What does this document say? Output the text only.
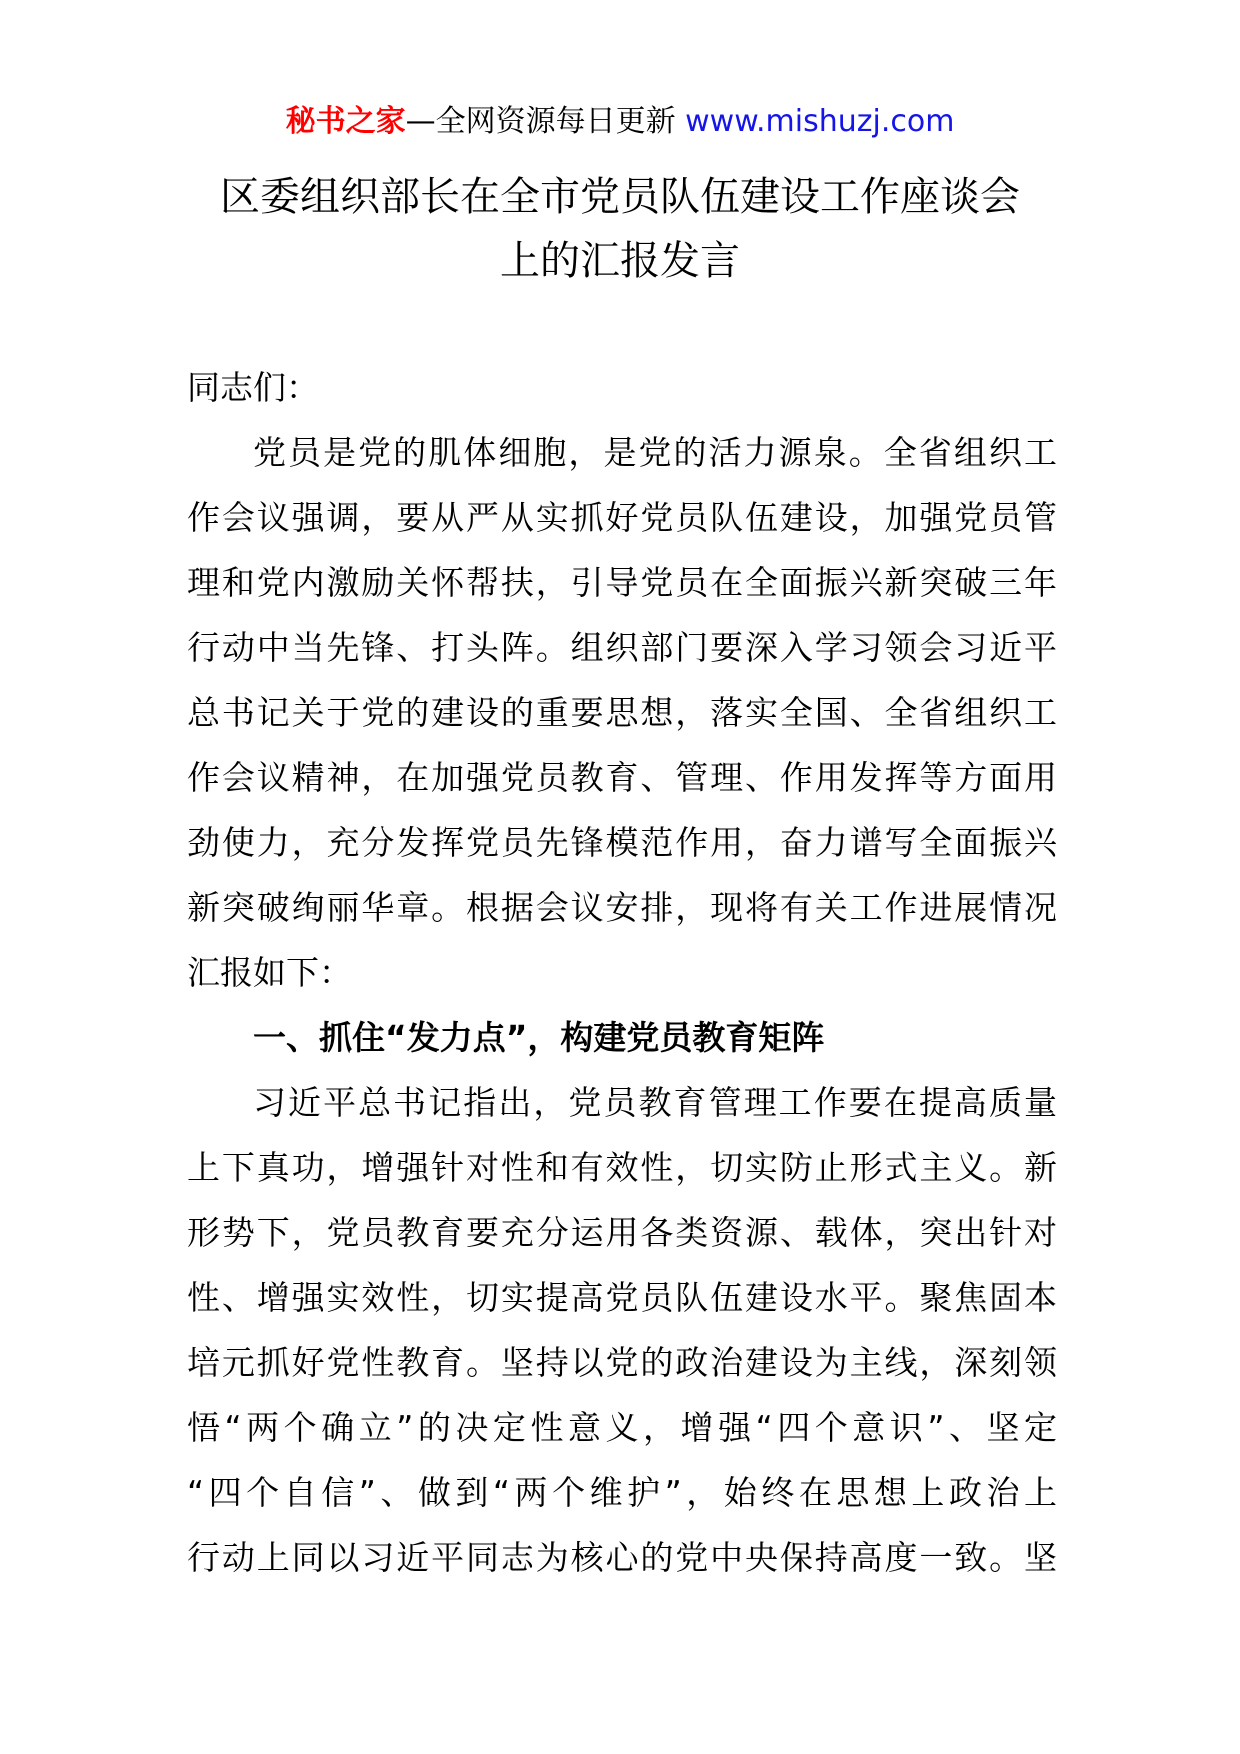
秘书之家—全网资源每日更新 www.mishuzj.com
区委组织部长在全市党员队伍建设工作座谈会
上的汇报发言
同志们：
党员是党的肌体细胞，是党的活力源泉。全省组织工
作会议强调，要从严从实抓好党员队伍建设，加强党员管
理和党内激励关怀帮扶，引导党员在全面振兴新突破三年
行动中当先锋、打头阵。组织部门要深入学习领会习近平
总书记关于党的建设的重要思想，落实全国、全省组织工
作会议精神，在加强党员教育、管理、作用发挥等方面用
劲使力，充分发挥党员先锋模范作用，奋力谱写全面振兴
新突破绚丽华章。根据会议安排，现将有关工作进展情况
汇报如下：
一、抓住“发力点”，构建党员教育矩阵
习近平总书记指出，党员教育管理工作要在提高质量
上下真功，增强针对性和有效性，切实防止形式主义。新
形势下，党员教育要充分运用各类资源、载体，突出针对
性、增强实效性，切实提高党员队伍建设水平。聚焦固本
培元抓好党性教育。坚持以党的政治建设为主线，深刻领
悟“两个确立”的决定性意义，增强“四个意识”、坚定
“四个自信”、做到“两个维护”，始终在思想上政治上
行动上同以习近平同志为核心的党中央保持高度一致。坚
